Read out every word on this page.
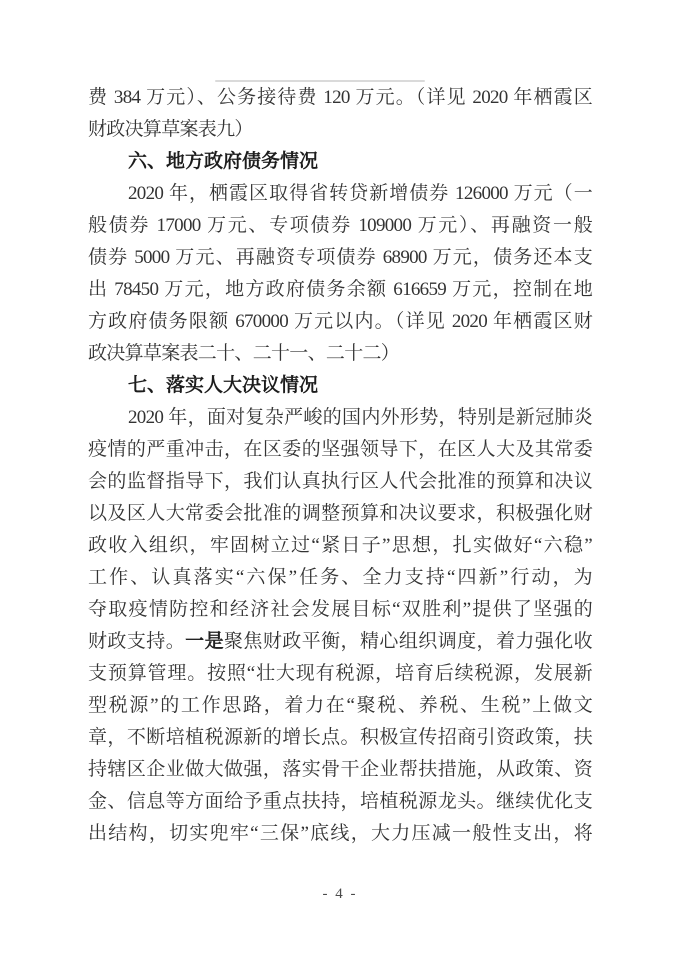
费 384 万元）、公务接待费 120 万元。（详见 2020 年栖霞区
财政决算草案表九）
六、地方政府债务情况
2020 年，栖霞区取得省转贷新增债券 126000 万元（一
般债券 17000 万元、专项债券 109000 万元）、再融资一般
债券 5000 万元、再融资专项债券 68900 万元，债务还本支
出 78450 万元，地方政府债务余额 616659 万元，控制在地
方政府债务限额 670000 万元以内。（详见 2020 年栖霞区财
政决算草案表二十、二十一、二十二）
七、落实人大决议情况
2020 年，面对复杂严峻的国内外形势，特别是新冠肺炎
疫情的严重冲击，在区委的坚强领导下，在区人大及其常委
会的监督指导下，我们认真执行区人代会批准的预算和决议
以及区人大常委会批准的调整预算和决议要求，积极强化财
政收入组织，牢固树立过“紧日子”思想，扎实做好“六稳”
工作、认真落实“六保”任务、全力支持“四新”行动，为
夺取疫情防控和经济社会发展目标“双胜利”提供了坚强的
财政支持。一是聚焦财政平衡，精心组织调度，着力强化收
支预算管理。按照“壮大现有税源，培育后续税源，发展新
型税源”的工作思路，着力在“聚税、养税、生税”上做文
章，不断培植税源新的增长点。积极宣传招商引资政策，扶
持辖区企业做大做强，落实骨干企业帮扶措施，从政策、资
金、信息等方面给予重点扶持，培植税源龙头。继续优化支
出结构，切实兜牢“三保”底线，大力压减一般性支出，将
- 4 -
